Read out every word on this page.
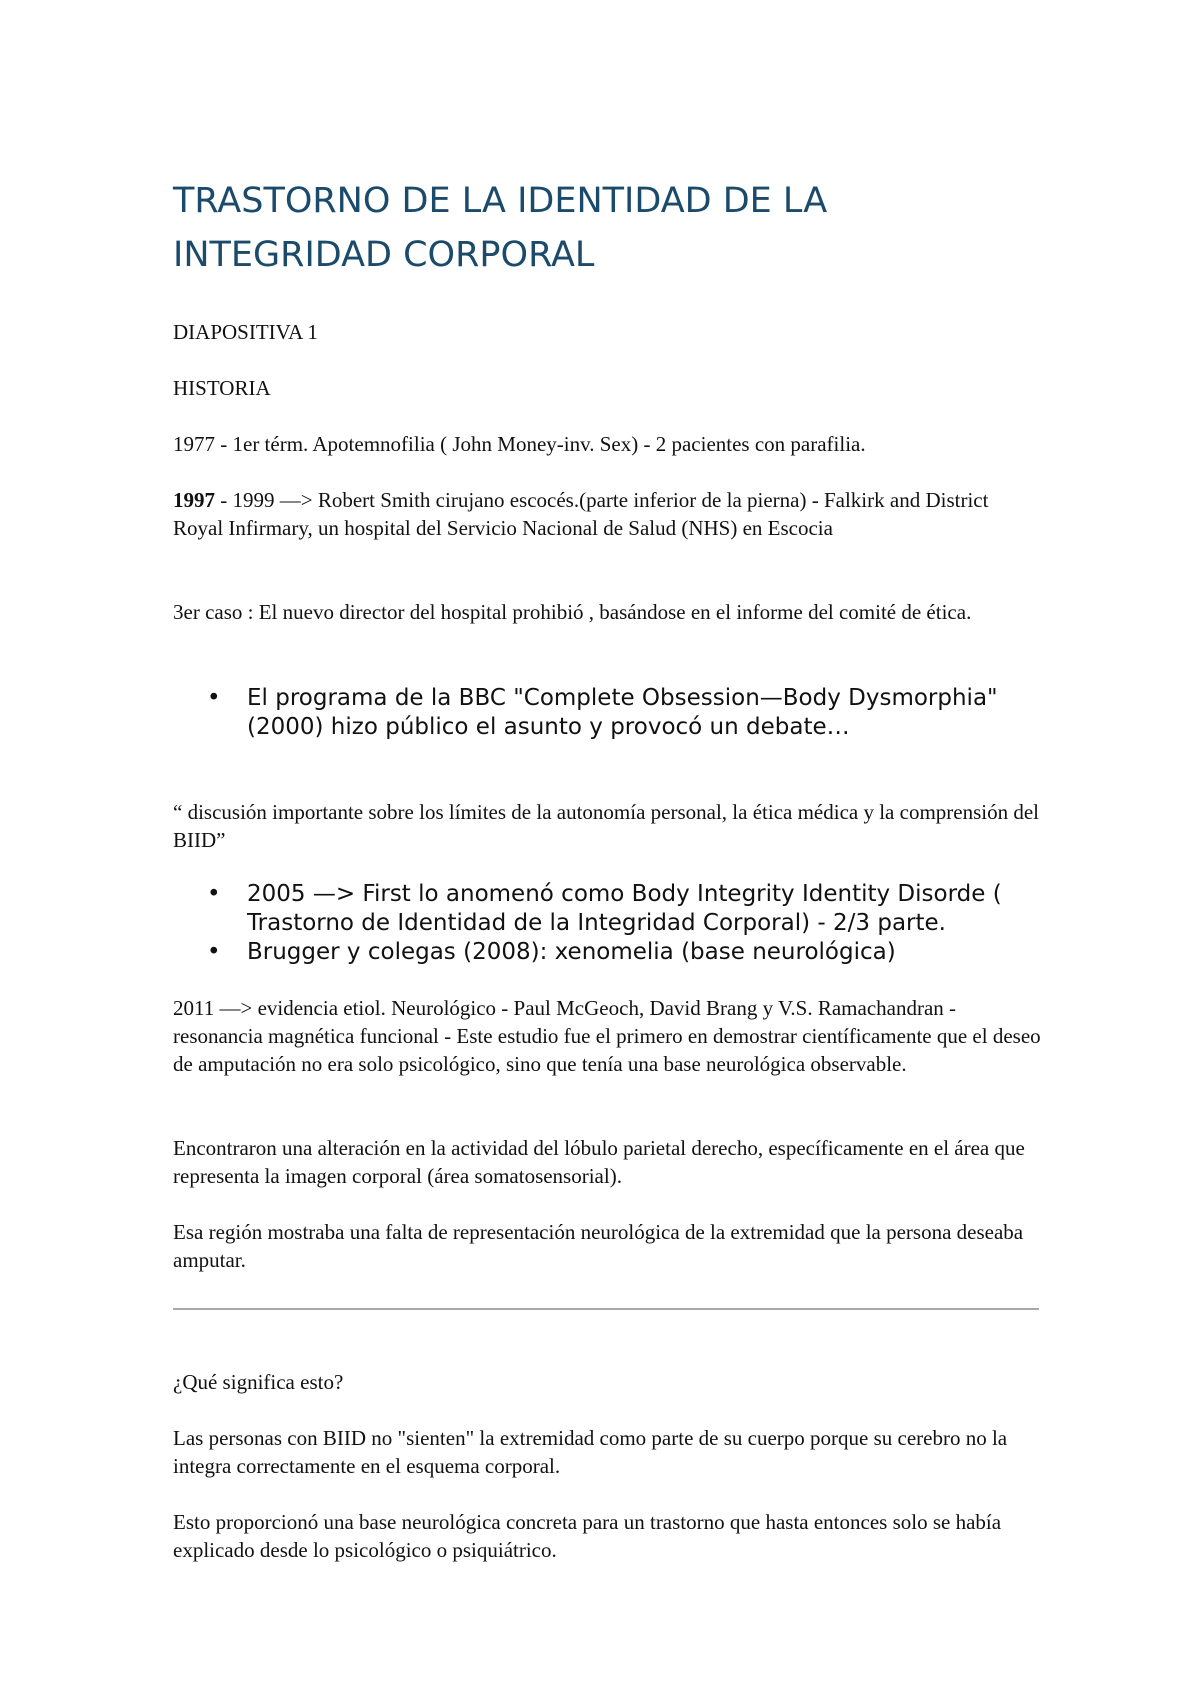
TRASTORNO DE LA IDENTIDAD DE LA INTEGRIDAD CORPORAL

DIAPOSITIVA 1

HISTORIA

1977 - 1er térm. Apotemnofilia ( John Money-inv. Sex) - 2 pacientes con parafilia.

1997 - 1999 —> Robert Smith cirujano escocés.(parte inferior de la pierna) - Falkirk and District Royal Infirmary, un hospital del Servicio Nacional de Salud (NHS) en Escocia

3er caso : El nuevo director del hospital prohibió , basándose en el informe del comité de ética.

• El programa de la BBC "Complete Obsession—Body Dysmorphia" (2000) hizo público el asunto y provocó un debate…

“ discusión importante sobre los límites de la autonomía personal, la ética médica y la comprensión del BIID”

• 2005 —> First lo anomenó como Body Integrity Identity Disorde ( Trastorno de Identidad de la Integridad Corporal) - 2/3 parte.
• Brugger y colegas (2008): xenomelia (base neurológica)

2011 —> evidencia etiol. Neurológico - Paul McGeoch, David Brang y V.S. Ramachandran - resonancia magnética funcional - Este estudio fue el primero en demostrar científicamente que el deseo de amputación no era solo psicológico, sino que tenía una base neurológica observable.

Encontraron una alteración en la actividad del lóbulo parietal derecho, específicamente en el área que representa la imagen corporal (área somatosensorial).

Esa región mostraba una falta de representación neurológica de la extremidad que la persona deseaba amputar.

¿Qué significa esto?

Las personas con BIID no "sienten" la extremidad como parte de su cuerpo porque su cerebro no la integra correctamente en el esquema corporal.

Esto proporcionó una base neurológica concreta para un trastorno que hasta entonces solo se había explicado desde lo psicológico o psiquiátrico.
